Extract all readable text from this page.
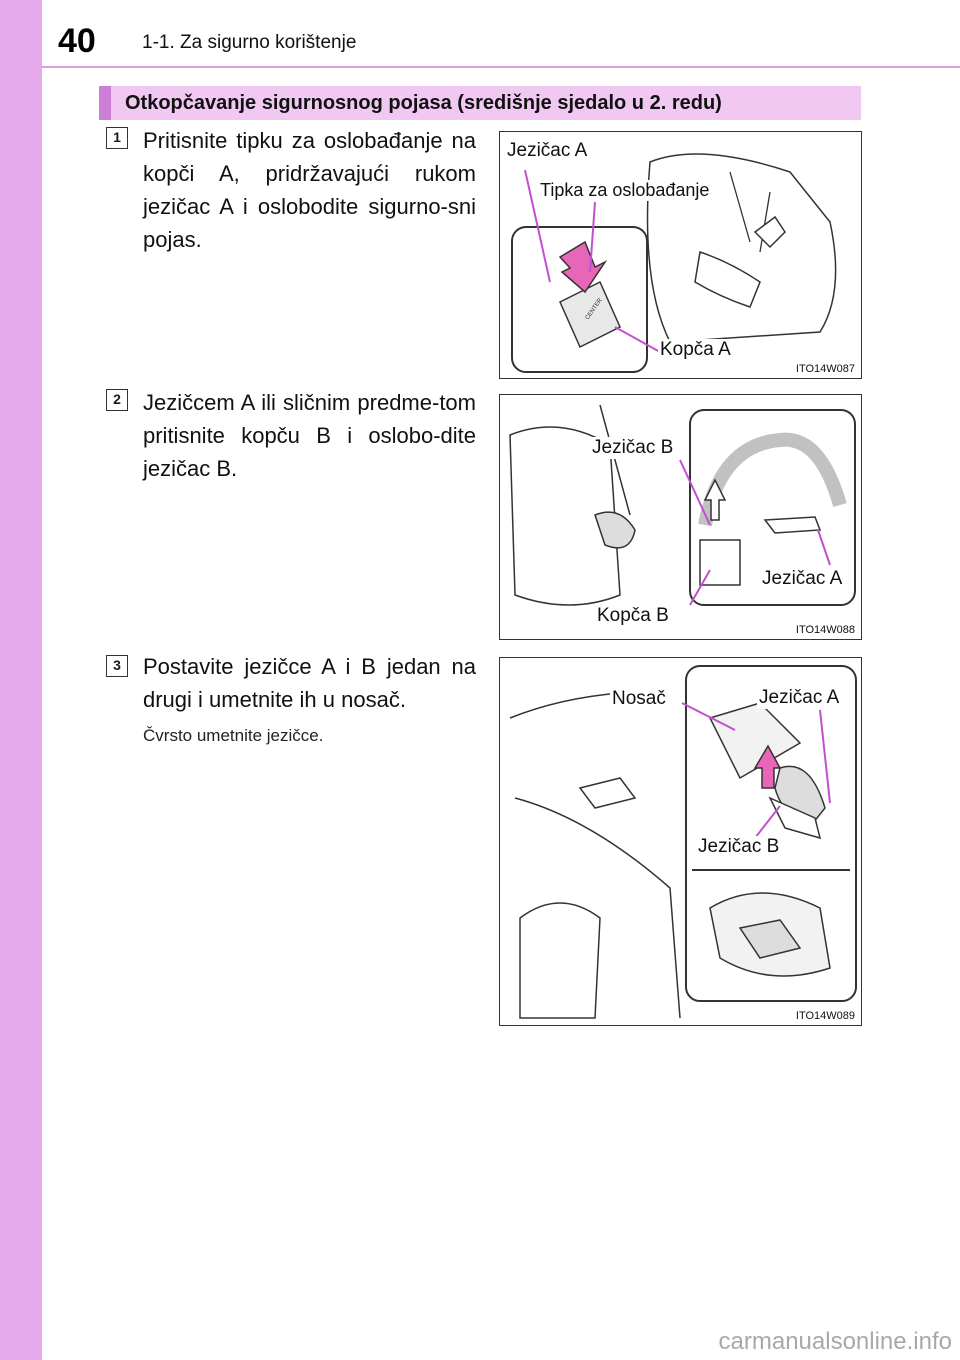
40 1-1. Za sigurno korištenje
Otkopčavanje sigurnosnog pojasa (središnje sjedalo u 2. redu)
1	Pritisnite tipku za oslobađanje na kopči A, pridržavajući rukom jezičac A i oslobodite sigurno-sni pojas.
CENTER
Jezičac A
Tipka za oslobađanje
Kopča A
ITO14W087
2	Jezičcem A ili sličnim predme-tom pritisnite kopču B i oslobo-dite jezičac B.
Jezičac B
Jezičac A
Kopča B
ITO14W088
3	Postavite jezičce A i B jedan na drugi i umetnite ih u nosač.
Čvrsto umetnite jezičce.
Nosač	Jezičac A
Jezičac B
ITO14W089
carmanualsonline.info
